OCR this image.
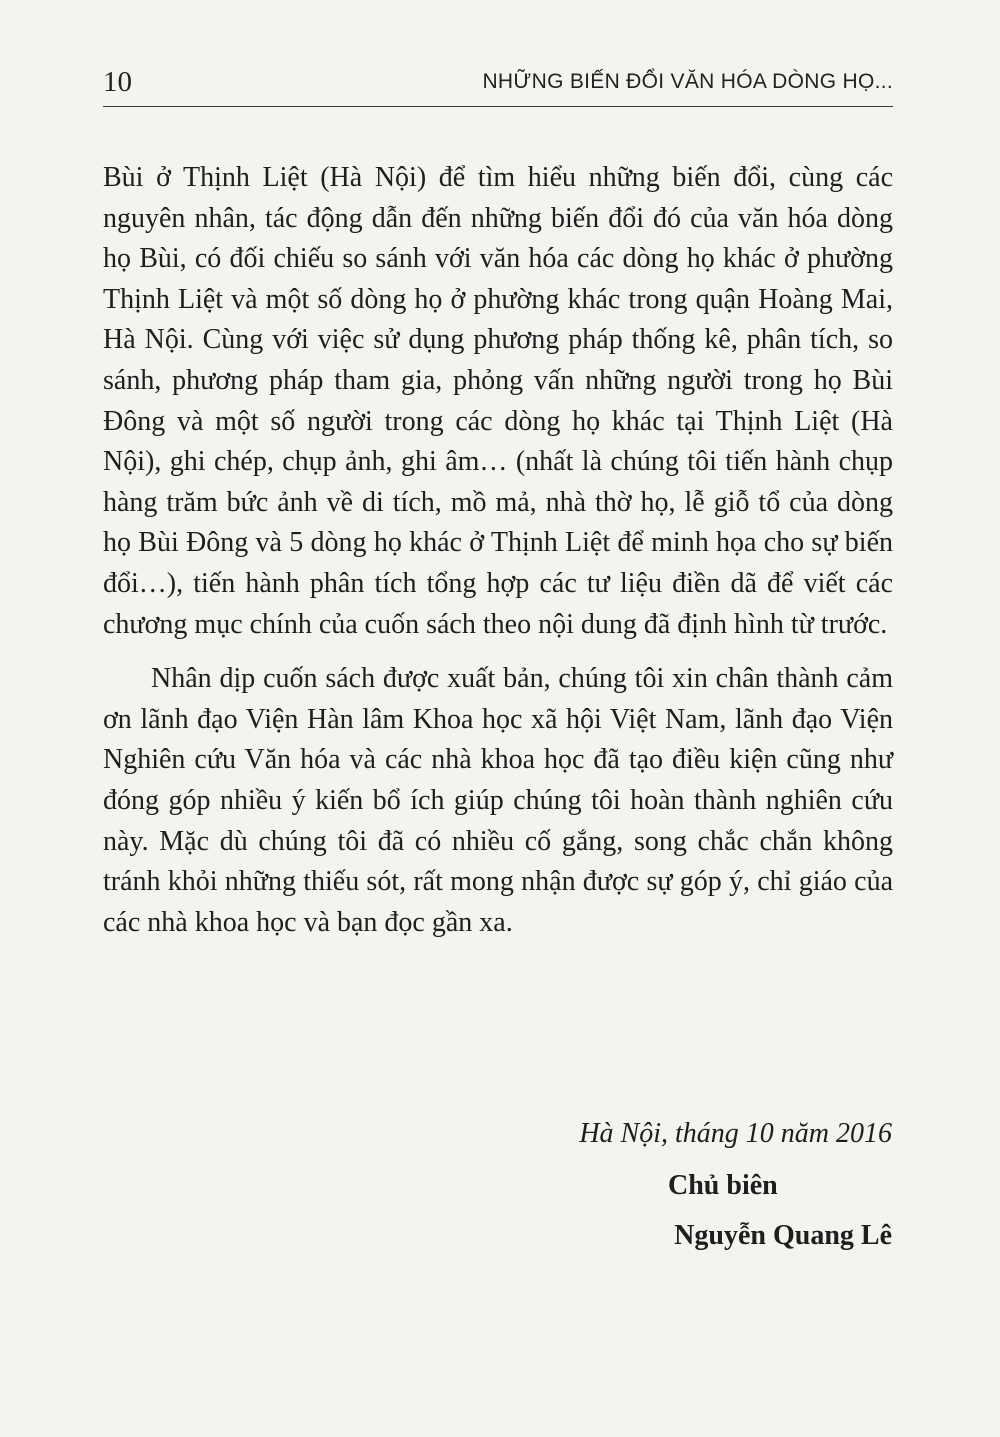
10	NHỮNG BIẾN ĐỔI VĂN HÓA DÒNG HỌ...

Bùi ở Thịnh Liệt (Hà Nội) để tìm hiểu những biến đổi, cùng các nguyên nhân, tác động dẫn đến những biến đổi đó của văn hóa dòng họ Bùi, có đối chiếu so sánh với văn hóa các dòng họ khác ở phường Thịnh Liệt và một số dòng họ ở phường khác trong quận Hoàng Mai, Hà Nội. Cùng với việc sử dụng phương pháp thống kê, phân tích, so sánh, phương pháp tham gia, phỏng vấn những người trong họ Bùi Đông và một số người trong các dòng họ khác tại Thịnh Liệt (Hà Nội), ghi chép, chụp ảnh, ghi âm… (nhất là chúng tôi tiến hành chụp hàng trăm bức ảnh về di tích, mồ mả, nhà thờ họ, lễ giỗ tổ của dòng họ Bùi Đông và 5 dòng họ khác ở Thịnh Liệt để minh họa cho sự biến đổi…), tiến hành phân tích tổng hợp các tư liệu điền dã để viết các chương mục chính của cuốn sách theo nội dung đã định hình từ trước.

Nhân dịp cuốn sách được xuất bản, chúng tôi xin chân thành cảm ơn lãnh đạo Viện Hàn lâm Khoa học xã hội Việt Nam, lãnh đạo Viện Nghiên cứu Văn hóa và các nhà khoa học đã tạo điều kiện cũng như đóng góp nhiều ý kiến bổ ích giúp chúng tôi hoàn thành nghiên cứu này. Mặc dù chúng tôi đã có nhiều cố gắng, song chắc chắn không tránh khỏi những thiếu sót, rất mong nhận được sự góp ý, chỉ giáo của các nhà khoa học và bạn đọc gần xa.

Hà Nội, tháng 10 năm 2016
Chủ biên
Nguyễn Quang Lê
